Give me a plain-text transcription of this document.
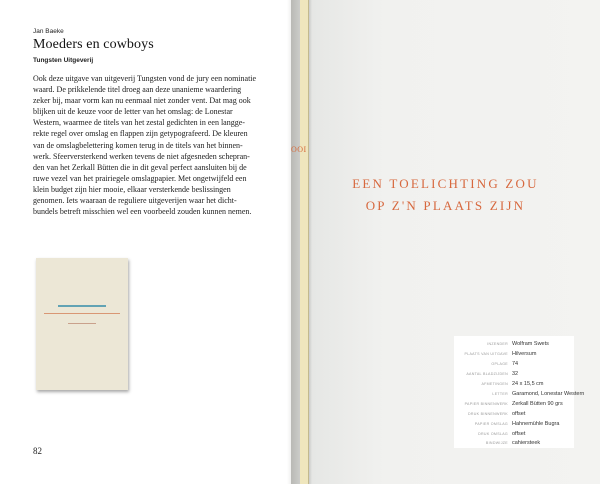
Jan Baeke
Moeders en cowboys
Tungsten Uitgeverij
Ook deze uitgave van uitgeverij Tungsten vond de jury een nominatie
waard. De prikkelende titel droeg aan deze unanieme waardering
zeker bij, maar vorm kan nu eenmaal niet zonder vent. Dat mag ook
blijken uit de keuze voor de letter van het omslag: de Lonestar
Western, waarmee de titels van het zestal gedichten in een langge-
rekte regel over omslag en flappen zijn getypografeerd. De kleuren
van de omslagbelettering komen terug in de titels van het binnen-
werk. Sfeerversterkend werken tevens de niet afgesneden schepran-
den van het Zerkall Bütten die in dit geval perfect aansluiten bij de
ruwe vezel van het prairiegele omslagpapier. Met ongetwijfeld een
klein budget zijn hier mooie, elkaar versterkende beslissingen
genomen. Iets waaraan de reguliere uitgeverijen waar het dicht-
bundels betreft misschien wel een voorbeeld zouden kunnen nemen.
82
OOI
EEN TOELICHTING ZOU
OP Z'N PLAATS ZIJN
INZENDER Wolfram Swets
PLAATS VAN UITGAVE Hilversum
OPLAGE 74
AANTAL BLADZIJDEN 32
AFMETINGEN 24 x 15,5 cm
LETTER Garamond, Lonestar Western
PAPIER BINNENWERK Zerkall Bütten 90 grs
DRUK BINNENWERK offset
PAPIER OMSLAG Hahnemühle Bugra
DRUK OMSLAG offset
BINDWIJZE cahiersteek
